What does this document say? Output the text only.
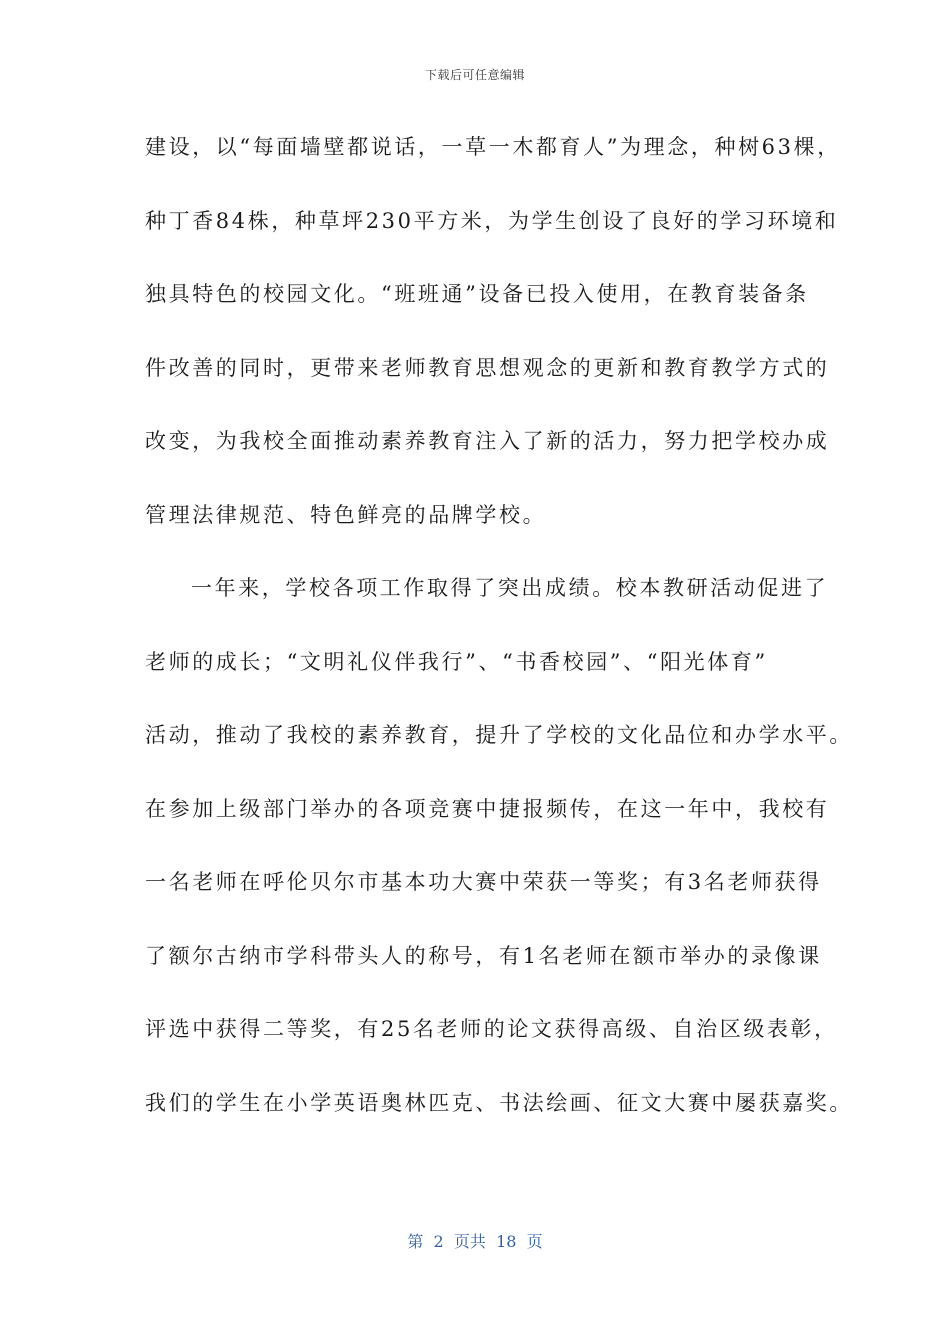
下载后可任意编辑
建设，以“每面墙壁都说话，一草一木都育人”为理念，种树63棵，
种丁香84株，种草坪230平方米，为学生创设了良好的学习环境和
独具特色的校园文化。“班班通”设备已投入使用，在教育装备条
件改善的同时，更带来老师教育思想观念的更新和教育教学方式的
改变，为我校全面推动素养教育注入了新的活力，努力把学校办成
管理法律规范、特色鲜亮的品牌学校。
一年来，学校各项工作取得了突出成绩。校本教研活动促进了
老师的成长；“文明礼仪伴我行”、“书香校园”、“阳光体育”
活动，推动了我校的素养教育，提升了学校的文化品位和办学水平。
在参加上级部门举办的各项竞赛中捷报频传，在这一年中，我校有
一名老师在呼伦贝尔市基本功大赛中荣获一等奖；有3名老师获得
了额尔古纳市学科带头人的称号，有1名老师在额市举办的录像课
评选中获得二等奖，有25名老师的论文获得高级、自治区级表彰，
我们的学生在小学英语奥林匹克、书法绘画、征文大赛中屡获嘉奖。
第  2  页共  18  页
